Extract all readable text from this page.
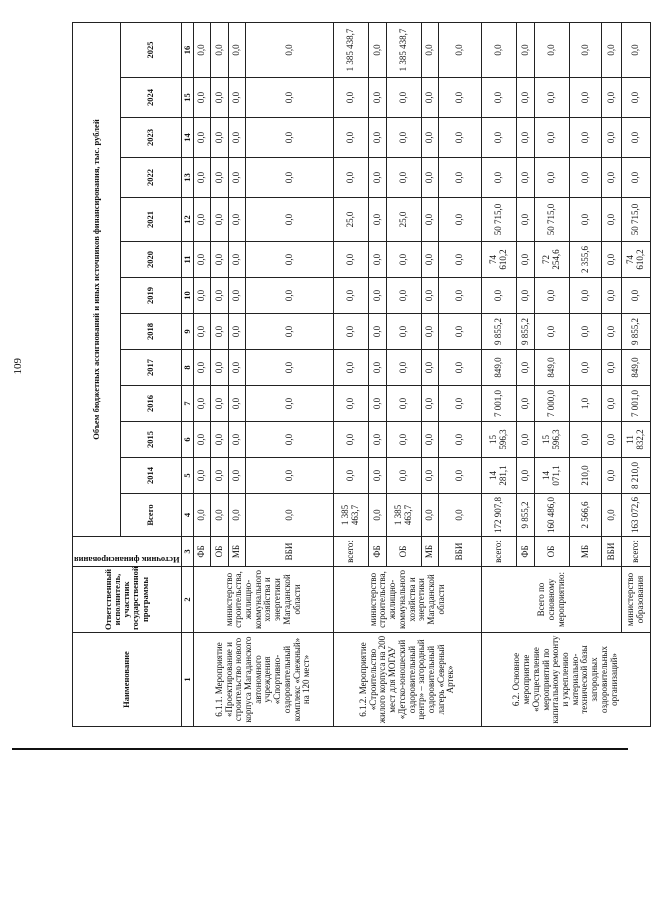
109
Наименование	Ответственный исполнитель, участник государственной программы	Источник финансирования	Объем бюджетных ассигнований и иных источников финансирования, тыс. рублей												
			Всего	2014	2015	2016	2017	2018	2019	2020	2021	2022	2023	2024	2025
1	2	3	4	5	6	7	8	9	10	11	12	13	14	15	16
6.1.1. Мероприятие «Проектирование и строительство нового корпуса Магаданского автономного учреждения «Спортивно-оздоровительный комплекс «Снежный» на 120 мест»	министерство строительства, жилищно-коммунального хозяйства и энергетики Магаданской области	ФБ	0,0	0,0	0,0	0,0	0,0	0,0	0,0	0,0	0,0	0,0	0,0	0,0	0,0
		ОБ	0,0	0,0	0,0	0,0	0,0	0,0	0,0	0,0	0,0	0,0	0,0	0,0	0,0
		МБ	0,0	0,0	0,0	0,0	0,0	0,0	0,0	0,0	0,0	0,0	0,0	0,0	0,0
		ВБИ	0,0	0,0	0,0	0,0	0,0	0,0	0,0	0,0	0,0	0,0	0,0	0,0	0,0
6.1.2. Мероприятие «Строительство жилого корпуса на 200 мест для МОГАУ «Детско-юношеский оздоровительный центр» – загородный оздоровительный лагерь «Северный Артек»	министерство строительства, жилищно-коммунального хозяйства и энергетики Магаданской области	всего:	1 385 463,7	0,0	0,0	0,0	0,0	0,0	0,0	0,0	25,0	0,0	0,0	0,0	1 385 438,7
		ФБ	0,0	0,0	0,0	0,0	0,0	0,0	0,0	0,0	0,0	0,0	0,0	0,0	0,0
		ОБ	1 385 463,7	0,0	0,0	0,0	0,0	0,0	0,0	0,0	25,0	0,0	0,0	0,0	1 385 438,7
		МБ	0,0	0,0	0,0	0,0	0,0	0,0	0,0	0,0	0,0	0,0	0,0	0,0	0,0
		ВБИ	0,0	0,0	0,0	0,0	0,0	0,0	0,0	0,0	0,0	0,0	0,0	0,0	0,0
6.2. Основное мероприятие «Осуществление мероприятий по капитальному ремонту и укреплению материально-технической базы загородных оздоровительных организаций»	Всего по основному мероприятию:	всего:	172 907,8	14 281,1	15 596,3	7 001,0	849,0	9 855,2	0,0	74 610,2	50 715,0	0,0	0,0	0,0	0,0
		ФБ	9 855,2	0,0	0,0	0,0	0,0	9 855,2	0,0	0,0	0,0	0,0	0,0	0,0	0,0
		ОБ	160 486,0	14 071,1	15 596,3	7 000,0	849,0	0,0	0,0	72 254,6	50 715,0	0,0	0,0	0,0	0,0
		МБ	2 566,6	210,0	0,0	1,0	0,0	0,0	0,0	2 355,6	0,0	0,0	0,0	0,0	0,0
		ВБИ	0,0	0,0	0,0	0,0	0,0	0,0	0,0	0,0	0,0	0,0	0,0	0,0	0,0
	министерство образования	всего:	163 072,6	8 210,0	11 832,2	7 001,0	849,0	9 855,2	0,0	74 610,2	50 715,0	0,0	0,0	0,0	0,0
